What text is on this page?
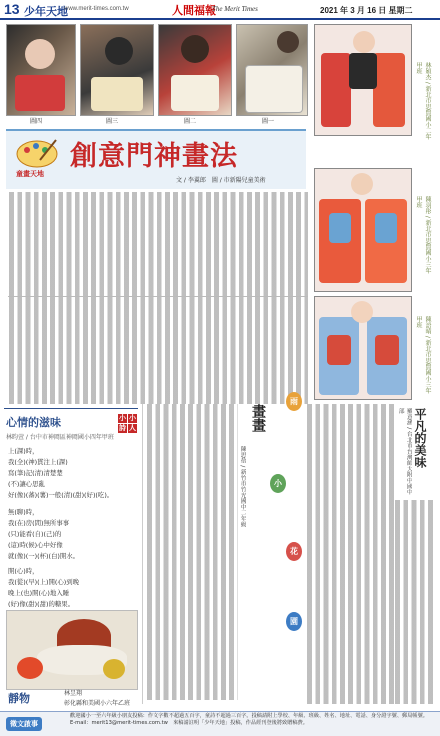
13 少年天地
www.merit-times.com.tw	人間福報
The Merit Times	2021 年 3 月 16 日 星期二
圖四	圖三	圖二	圖一	林穎杰 ∕ 新北市思賢國小二年甲班
陳羽彤 ∕ 新北市思賢國小三年甲班
陳語晴 ∕ 新北市思賢國小三年甲班
童畫天地
創意門神畫法
文 ∕ 李翼郎　圖 ∕ 市新陽兒童美術
心情的滋味	小 小
詩 人
林昀萱 ∕ 台中市神岡區神岡國小四年甲班
上(課)時，
我(全)(神)貫注上(課)
寫(筆)記(清)清楚楚
(不)讓心思亂
好(像)(蕃)(薯)一般(清)(甜)(好)(吃)。
無(聊)時，
我(在)房(間)無所事事
(只)能看(自)(己)的
(這)時(候)心中好像
就(像)(一)(杯)(白)開水。
開(心)時，
我(從)(早)(上)開(心)到晚
晚上(也)開(心)地入睡
(好)像(甜)(甜)的糖果。
靜物	林昱翔
彰化縣和美國小六年乙班
畫畫
陳思蓓 ∕ 新竹市竹光國中二年級
雨
小
花
園
平凡的美味
羅意涵 ∕ 台北市台灣師大附中國中部
徵文啟事
歡迎國小一至六年級小朋友投稿：作文字數不超過五百字，童詩不超過三百字。投稿請附上學校、年級、班級、姓名、地址、電話、身分證字號、郵局帳號。
E-mail：merit13@merit-times.com.tw　來稿請註明「少年天地」投稿，作品經刊登後將致贈稿費。
